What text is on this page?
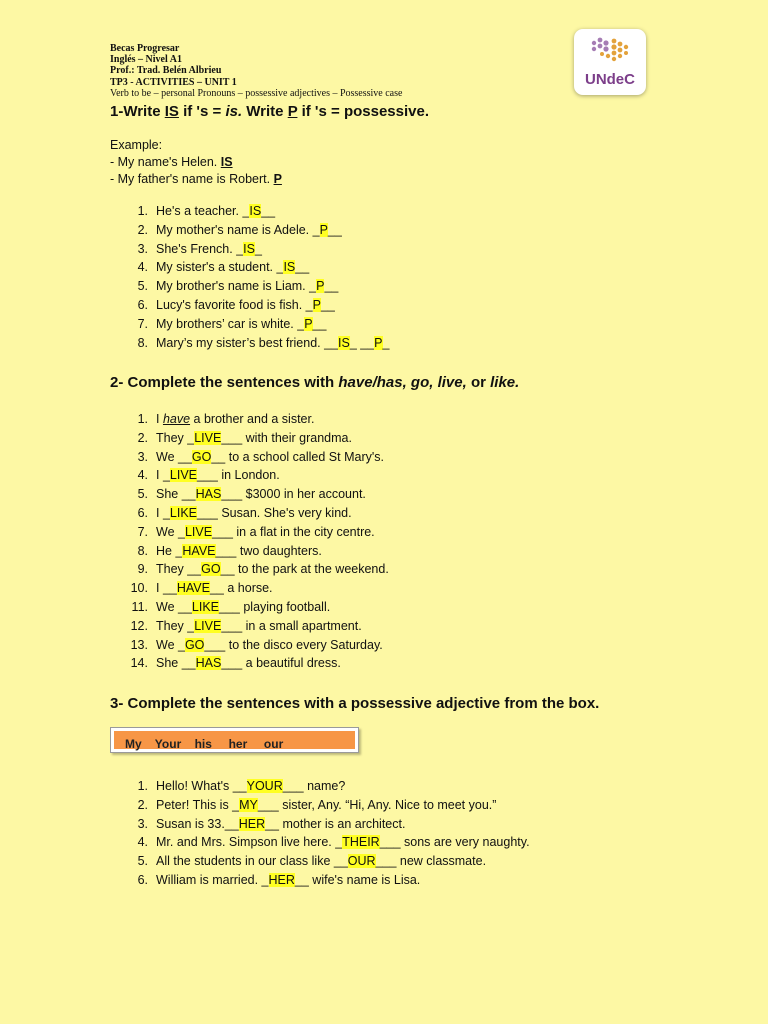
Becas Progresar
Inglés – Nivel A1
Prof.: Trad. Belén Albrieu
TP3 - ACTIVITIES – UNIT 1
Verb to be – personal Pronouns – possessive adjectives – Possessive case
UNdeC
1-Write IS if 's = is. Write P if 's = possessive.
Example:
- My name's Helen. IS
- My father's name is Robert. P
1. He's a teacher. _IS__
2. My mother's name is Adele. _P__
3. She's French. _IS_
4. My sister's a student. _IS__
5. My brother's name is Liam. _P__
6. Lucy's favorite food is fish. _P__
7. My brothers’ car is white. _P__
8. Mary’s my sister’s best friend. __IS_ __P_
2- Complete the sentences with have/has, go, live, or like.
1. I have a brother and a sister.
2. They _LIVE___ with their grandma.
3. We __GO__ to a school called St Mary's.
4. I _LIVE___ in London.
5. She __HAS___ $3000 in her account.
6. I _LIKE___ Susan. She's very kind.
7. We _LIVE___ in a flat in the city centre.
8. He _HAVE___ two daughters.
9. They __GO__ to the park at the weekend.
10. I __HAVE__ a horse.
11. We __LIKE___ playing football.
12. They _LIVE___ in a small apartment.
13. We _GO___ to the disco every Saturday.
14. She __HAS___ a beautiful dress.
3- Complete the sentences with a possessive adjective from the box.
My    Your    his     her     our
1. Hello! What's __YOUR___ name?
2. Peter! This is _MY___ sister, Any. “Hi, Any. Nice to meet you.”
3. Susan is 33.__HER__ mother is an architect.
4. Mr. and Mrs. Simpson live here. _THEIR___ sons are very naughty.
5. All the students in our class like __OUR___ new classmate.
6. William is married. _HER__ wife's name is Lisa.
